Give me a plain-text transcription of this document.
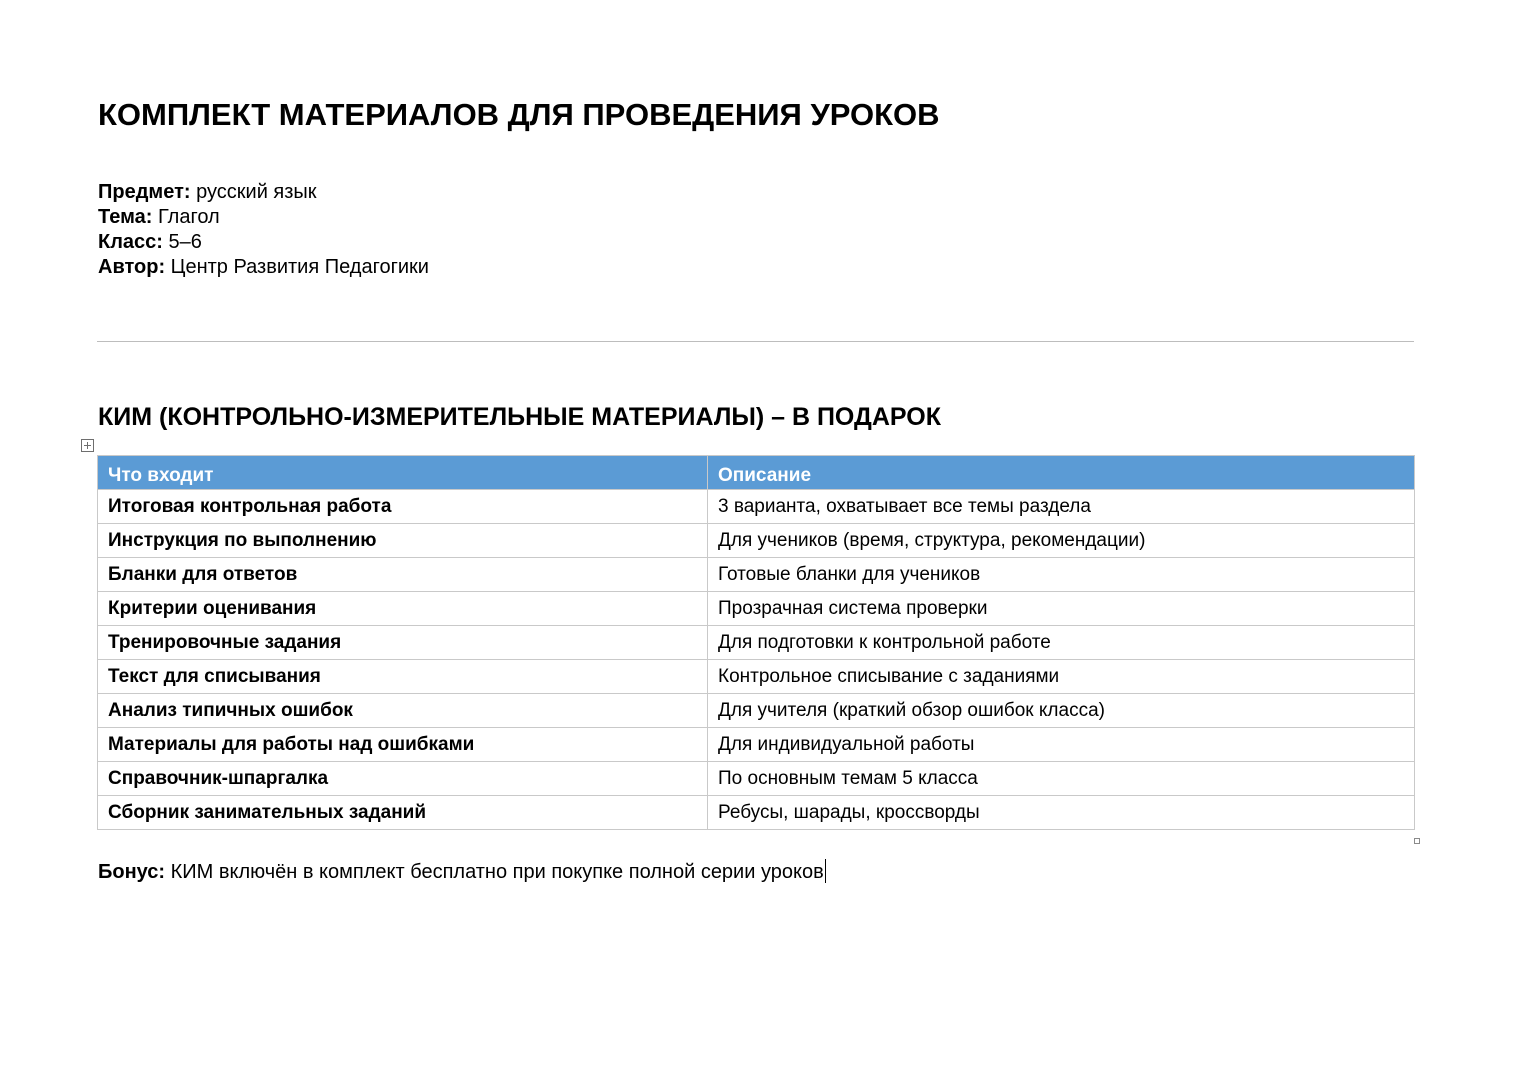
КОМПЛЕКТ МАТЕРИАЛОВ ДЛЯ ПРОВЕДЕНИЯ УРОКОВ
Предмет: русский язык
Тема: Глагол
Класс: 5–6
Автор: Центр Развития Педагогики
КИМ (КОНТРОЛЬНО-ИЗМЕРИТЕЛЬНЫЕ МАТЕРИАЛЫ) – В ПОДАРОК
Что входит	Описание
Итоговая контрольная работа	3 варианта, охватывает все темы раздела
Инструкция по выполнению	Для учеников (время, структура, рекомендации)
Бланки для ответов	Готовые бланки для учеников
Критерии оценивания	Прозрачная система проверки
Тренировочные задания	Для подготовки к контрольной работе
Текст для списывания	Контрольное списывание с заданиями
Анализ типичных ошибок	Для учителя (краткий обзор ошибок класса)
Материалы для работы над ошибками	Для индивидуальной работы
Справочник-шпаргалка	По основным темам 5 класса
Сборник занимательных заданий	Ребусы, шарады, кроссворды
Бонус: КИМ включён в комплект бесплатно при покупке полной серии уроков
